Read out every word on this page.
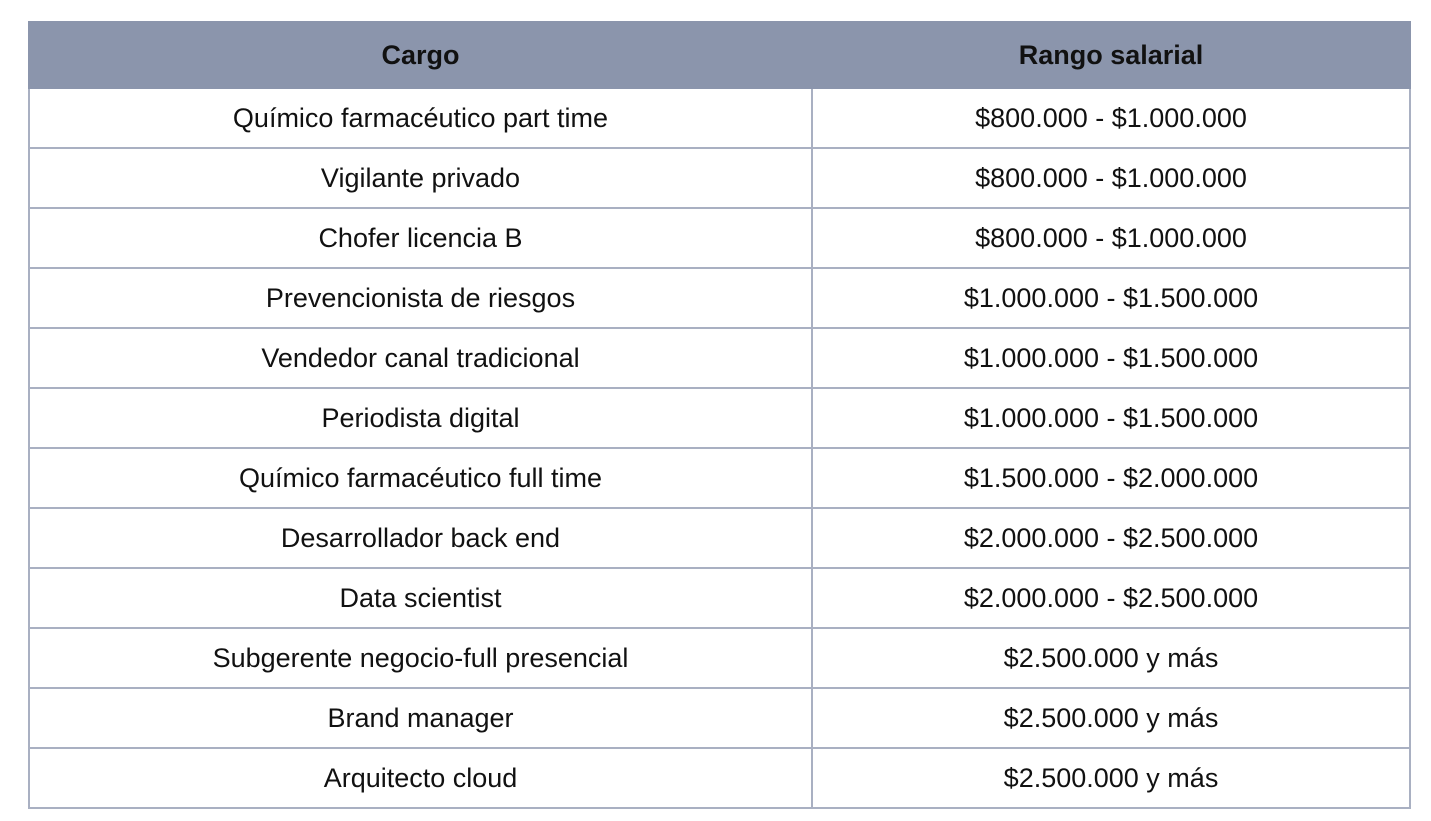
Cargo	Rango salarial
Químico farmacéutico part time	$800.000 - $1.000.000
Vigilante privado	$800.000 - $1.000.000
Chofer licencia B	$800.000 - $1.000.000
Prevencionista de riesgos	$1.000.000 - $1.500.000
Vendedor canal tradicional	$1.000.000 - $1.500.000
Periodista digital	$1.000.000 - $1.500.000
Químico farmacéutico full time	$1.500.000 - $2.000.000
Desarrollador back end	$2.000.000 - $2.500.000
Data scientist	$2.000.000 - $2.500.000
Subgerente negocio-full presencial	$2.500.000 y más
Brand manager	$2.500.000 y más
Arquitecto cloud	$2.500.000 y más
